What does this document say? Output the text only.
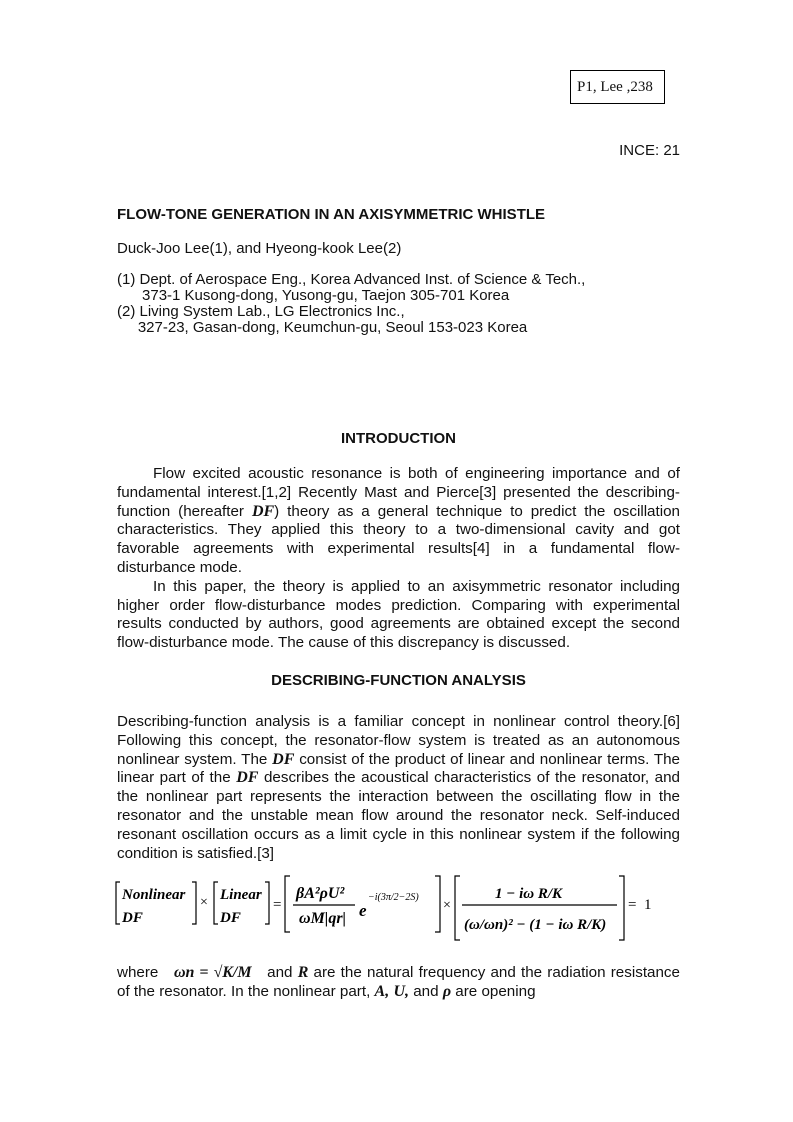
P1, Lee ,238
INCE: 21
FLOW-TONE GENERATION IN AN AXISYMMETRIC WHISTLE
Duck-Joo Lee(1), and Hyeong-kook Lee(2)
(1) Dept. of Aerospace Eng., Korea Advanced Inst. of Science & Tech.,
373-1 Kusong-dong, Yusong-gu, Taejon 305-701 Korea
(2) Living System Lab., LG Electronics Inc.,
327-23, Gasan-dong, Keumchun-gu, Seoul 153-023 Korea
INTRODUCTION

Flow excited acoustic resonance is both of engineering importance and of fundamental interest.[1,2] Recently Mast and Pierce[3] presented the describing-function (hereafter DF) theory as a general technique to predict the oscillation characteristics. They applied this theory to a two-dimensional cavity and got favorable agreements with experimental results[4] in a fundamental flow-disturbance mode.

In this paper, the theory is applied to an axisymmetric resonator including higher order flow-disturbance modes prediction. Comparing with experimental results conducted by authors, good agreements are obtained except the second flow-disturbance mode. The cause of this discrepancy is discussed.

DESCRIBING-FUNCTION ANALYSIS

Describing-function analysis is a familiar concept in nonlinear control theory.[6] Following this concept, the resonator-flow system is treated as an autonomous nonlinear system. The DF consist of the product of linear and nonlinear terms. The linear part of the DF describes the acoustical characteristics of the resonator, and the nonlinear part represents the interaction between the oscillating flow in the resonator and the unstable mean flow around the resonator neck. Self-induced resonant oscillation occurs as a limit cycle in this nonlinear system if the following condition is satisfied.[3]

Nonlinear
DF
× Linear
DF
=
βA²ρU²
ωM|qr| e
−i(3π/2−2S)
×
1 − iω R/K
(ω/ωn)² − (1 − iω R/K)
= 1

where ωn = √K/M and R are the natural frequency and the radiation resistance of the resonator. In the nonlinear part, A, U, and ρ are opening
